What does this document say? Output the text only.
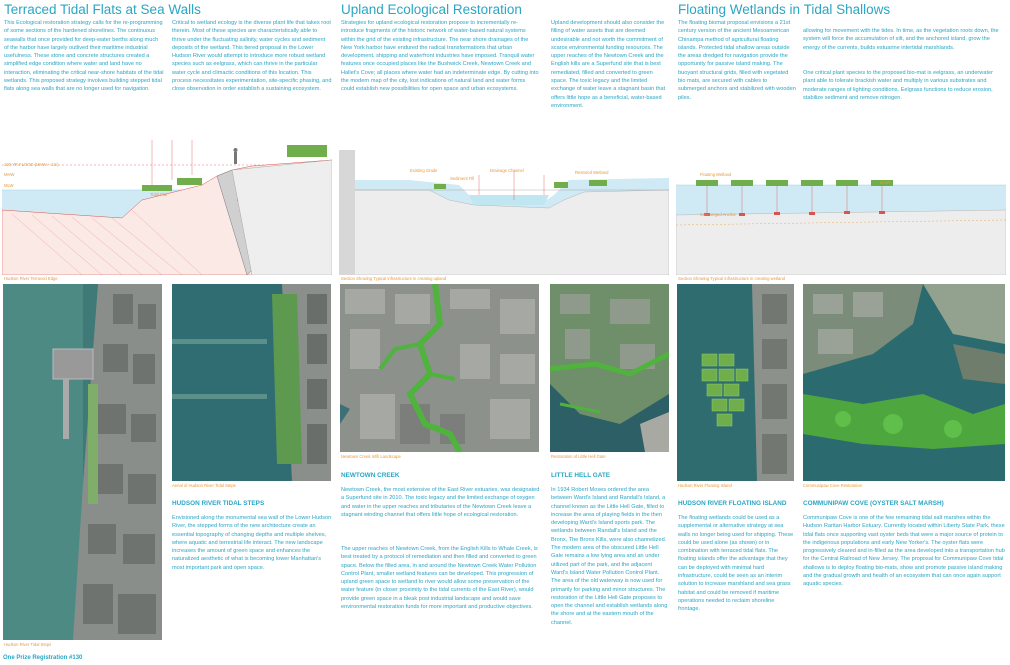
Terraced Tidal Flats at Sea Walls
This Ecological restoration strategy calls for the re-programming of some sections of the hardened shorelines. The continuous seawalls that once provided for deep-water berths along much of the harbor have largely outlived their maritime industrial usefulness. These stone and concrete structures created a simplified edge condition where water and land have no interaction, eliminating the critical near-shore habitats of the tidal wetlands. This proposed strategy involves building stepped tidal flats along sea walls that are no longer used for navigation.
Critical to wetland ecology is the diverse plant life that takes root therein. Most of these species are characteristically able to thrive under the fluctuating salinity, water cycles and sediment deposits of the wetland. This tiered proposal in the Lower Hudson River would attempt to introduce more robust wetland species such as eelgrass, which can thrive in the particular water cycle and climactic conditions of this location. This process necessitates experimentation, site-specific phasing, and close observation in order establish a sustaining ecosystem.
100 YR FLOOD (MHW + 1m)
MHW
MLW
Tidal Flat
Hudson River Terraced Edge
Hudson River Tidal Steps
Aerial of Hudson River Tidal Steps
HUDSON RIVER TIDAL STEPS
Envisioned along the monumental sea wall of the Lower Hudson River, the stepped forms of the new architecture create an essential topography of changing depths and multiple shelves, where aquatic and terrestrial life interact. The new landscape increases the amount of green space and enhances the naturalized aesthetic of what is becoming lower Manhattan's most important park and open space.
Upland Ecological Restoration
Strategies for upland ecological restoration propose to incrementally re-introduce fragments of the historic network of water-based natural systems within the grid of the existing infrastructure. The near shore drainages of the New York harbor have endured the radical transformations that urban development, shipping and waterfront industries have imposed. Tranquil water features once occupied places like the Bushwick Creek, Newtown Creek and Hallet's Cove; all places where water had an indeterminate edge. By cutting into the modern map of the city, lost indications of natural land and water forms could establish new possibilities for open space and urban ecosystems.
Upland development should also consider the filling of water assets that are deemed undesirable and not worth the commitment of scarce environmental funding resources. The upper reaches of the Newtown Creek and the English kills are a Superfund site that is best remediated, filled and converted to green space. The toxic legacy and the limited exchange of water leave a stagnant basin that offers little hope as a beneficial, water-based environment.
Existing Grade
Sediment Fill
Drainage Channel	Restored Wetland
Section Showing Typical infrastructure in creating upland
Newtown Creek Infill Landscape
NEWTOWN CREEK
Newtown Creek, the most extensive of the East River estuaries, was designated a Superfund site in 2010. The toxic legacy and the limited exchange of oxygen and water in the upper reaches and tributaries of the Newtown Creek leave a stagnant winding channel that offers little hope of ecological restoration.
The upper reaches of Newtown Creek, from the English Kills to Whale Creek, is best treated by a protocol of remediation and then filled and converted to green space. Below the filled area, in and around the Newtown Creek Water Pollution Control Plant, smaller wetland features can be developed. This progression of upland green space to wetland to river would allow some preservation of the water feature (in closer proximity to the tidal currents of the East River), would provide green space in a bleak post industrial landscape and would save environmental restoration funds for more important and productive objectives.
Restoration of Little Hell Gate
LITTLE HELL GATE
In 1934 Robert Moses ordered the area between Ward's Island and Randall's Island, a channel known as the Little Hell Gate, filled to increase the area of playing fields in the then developing Ward's Island sports park. The wetlands between Randall's Island and the Bronx, The Bronx Kills, were also channelized. The modern area of the obscured Little Hell Gate remains a low lying area and an under utilized part of the park, and the adjacent Ward's Island Water Pollution Control Plant. The area of the old waterway is now used for primarily for parking and minor structures. The restoration of the Little Hell Gate proposes to open the channel and establish wetlands along the shore and at the eastern mouth of the channel.
Floating Wetlands in Tidal Shallows
The floating biomat proposal envisions a 21st century version of the ancient Mesoamerican Chinampa method of agricultural floating islands. Protected tidal shallow areas outside the areas dredged for navigation provide the opportunity for passive island making. The buoyant structural grids, filled with vegetated bio mats, are secured with cables to submerged anchors and stabilized with wooden piles.
allowing for movement with the tides. In time, as the vegetation roots down, the system will force the accumulation of silt, and the anchored island, grow the energy of the currents, builds estuarine intertidal marshlands.
One critical plant species to the proposed bio-mat is eelgrass, an underwater plant able to tolerate brackish water and multiply in various substrates and moderate ranges of lighting conditions. Eelgrass functions to reduce erosion, stabilize sediment and remove nitrogen.
Floating Wetland
Submerged Anchor
MHW
Section Showing Typical infrastructure in creating wetland
Hudson River Floating Island
HUDSON RIVER FLOATING ISLAND
The floating wetlands could be used as a supplemental or alternative strategy at sea walls no longer being used for shipping. These could be used alone (as shown) or in combination with terraced tidal flats. The floating islands offer the advantage that they can be deployed with minimal hard infrastructure, could be seen as an interim solution to increase marshland and sea grass habitat and could be removed if maritime operations needed to reclaim shoreline frontage.
Communipaw Cove Restoration
COMMUNIPAW COVE (OYSTER SALT MARSH)
Communipaw Cove is one of the few remaining tidal salt marshes within the Hudson Raritan Harbor Estuary. Currently located within Liberty State Park, these tidal flats once supporting vast oyster beds that were a major source of protein to the indigenous populations and early New Yorker's. The oyster flats were progressively cleared and in-filled as the area developed into a transportation hub for the Central Railroad of New Jersey. The proposal for Communipaw Cove tidal shallows is to deploy floating bio-mats, show and promote passive island making and the gradual growth and health of an ecosystem that can once again support aquatic species.
One Prize Registration #130
